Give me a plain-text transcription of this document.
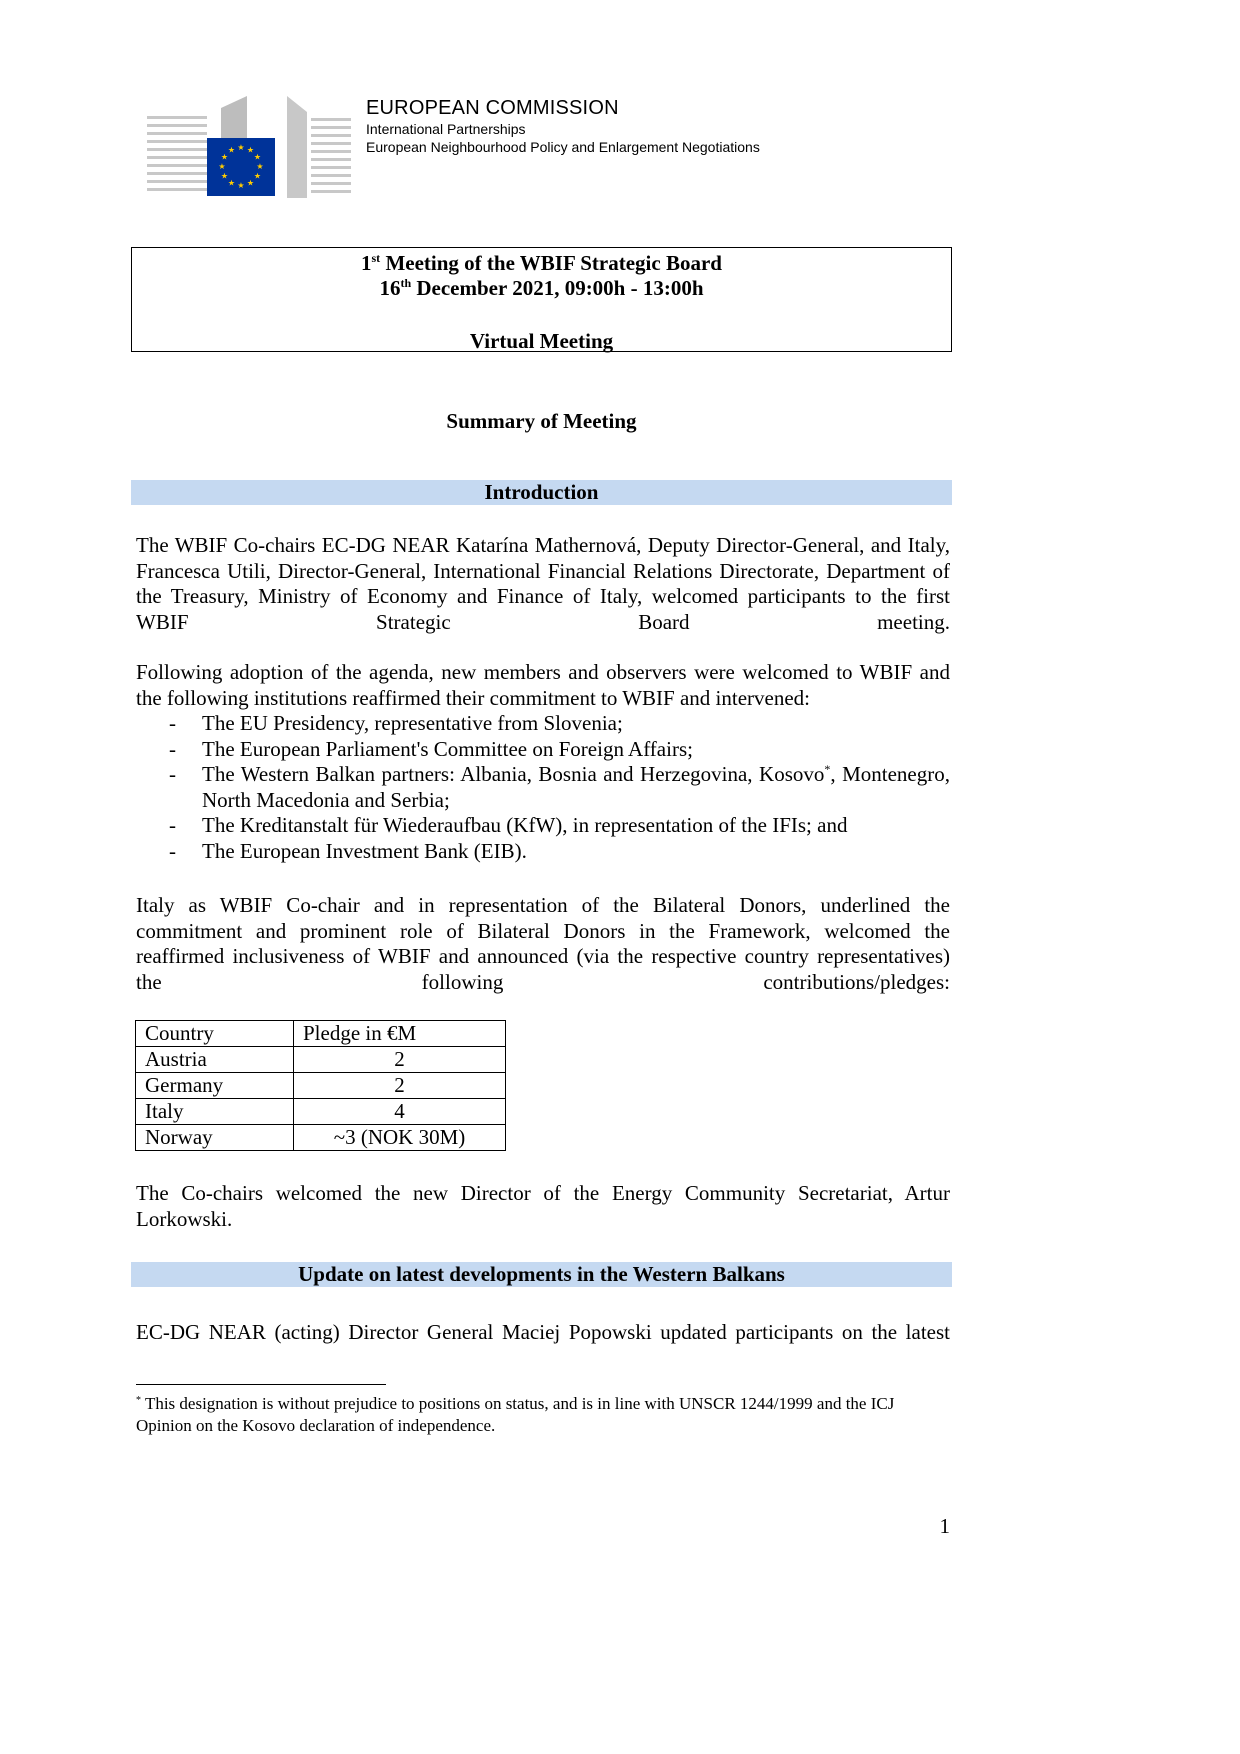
★ ★
★
★
★
★
★
★
★
★
★
★
EUROPEAN COMMISSION
International Partnerships
European Neighbourhood Policy and Enlargement Negotiations
1st Meeting of the WBIF Strategic Board
16th December 2021, 09:00h - 13:00h
Virtual Meeting
Summary of Meeting
Introduction
The WBIF Co-chairs EC-DG NEAR Katarína Mathernová, Deputy Director-General, and Italy, Francesca Utili, Director-General, International Financial Relations Directorate, Department of the Treasury, Ministry of Economy and Finance of Italy, welcomed participants to the first WBIF Strategic Board meeting.
Following adoption of the agenda, new members and observers were welcomed to WBIF and the following institutions reaffirmed their commitment to WBIF and intervened:
- The EU Presidency, representative from Slovenia;
- The European Parliament's Committee on Foreign Affairs;
- The Western Balkan partners: Albania, Bosnia and Herzegovina, Kosovo*, Montenegro, North Macedonia and Serbia;
- The Kreditanstalt für Wiederaufbau (KfW), in representation of the IFIs; and
- The European Investment Bank (EIB).
Italy as WBIF Co-chair and in representation of the Bilateral Donors, underlined the commitment and prominent role of Bilateral Donors in the Framework, welcomed the reaffirmed inclusiveness of WBIF and announced (via the respective country representatives) the following contributions/pledges:
Country	Pledge in €M
Austria	2
Germany	2
Italy	4
Norway	~3 (NOK 30M)
The Co-chairs welcomed the new Director of the Energy Community Secretariat, Artur Lorkowski.
Update on latest developments in the Western Balkans
EC-DG NEAR (acting) Director General Maciej Popowski updated participants on the latest
* This designation is without prejudice to positions on status, and is in line with UNSCR 1244/1999 and the ICJ Opinion on the Kosovo declaration of independence.
1
